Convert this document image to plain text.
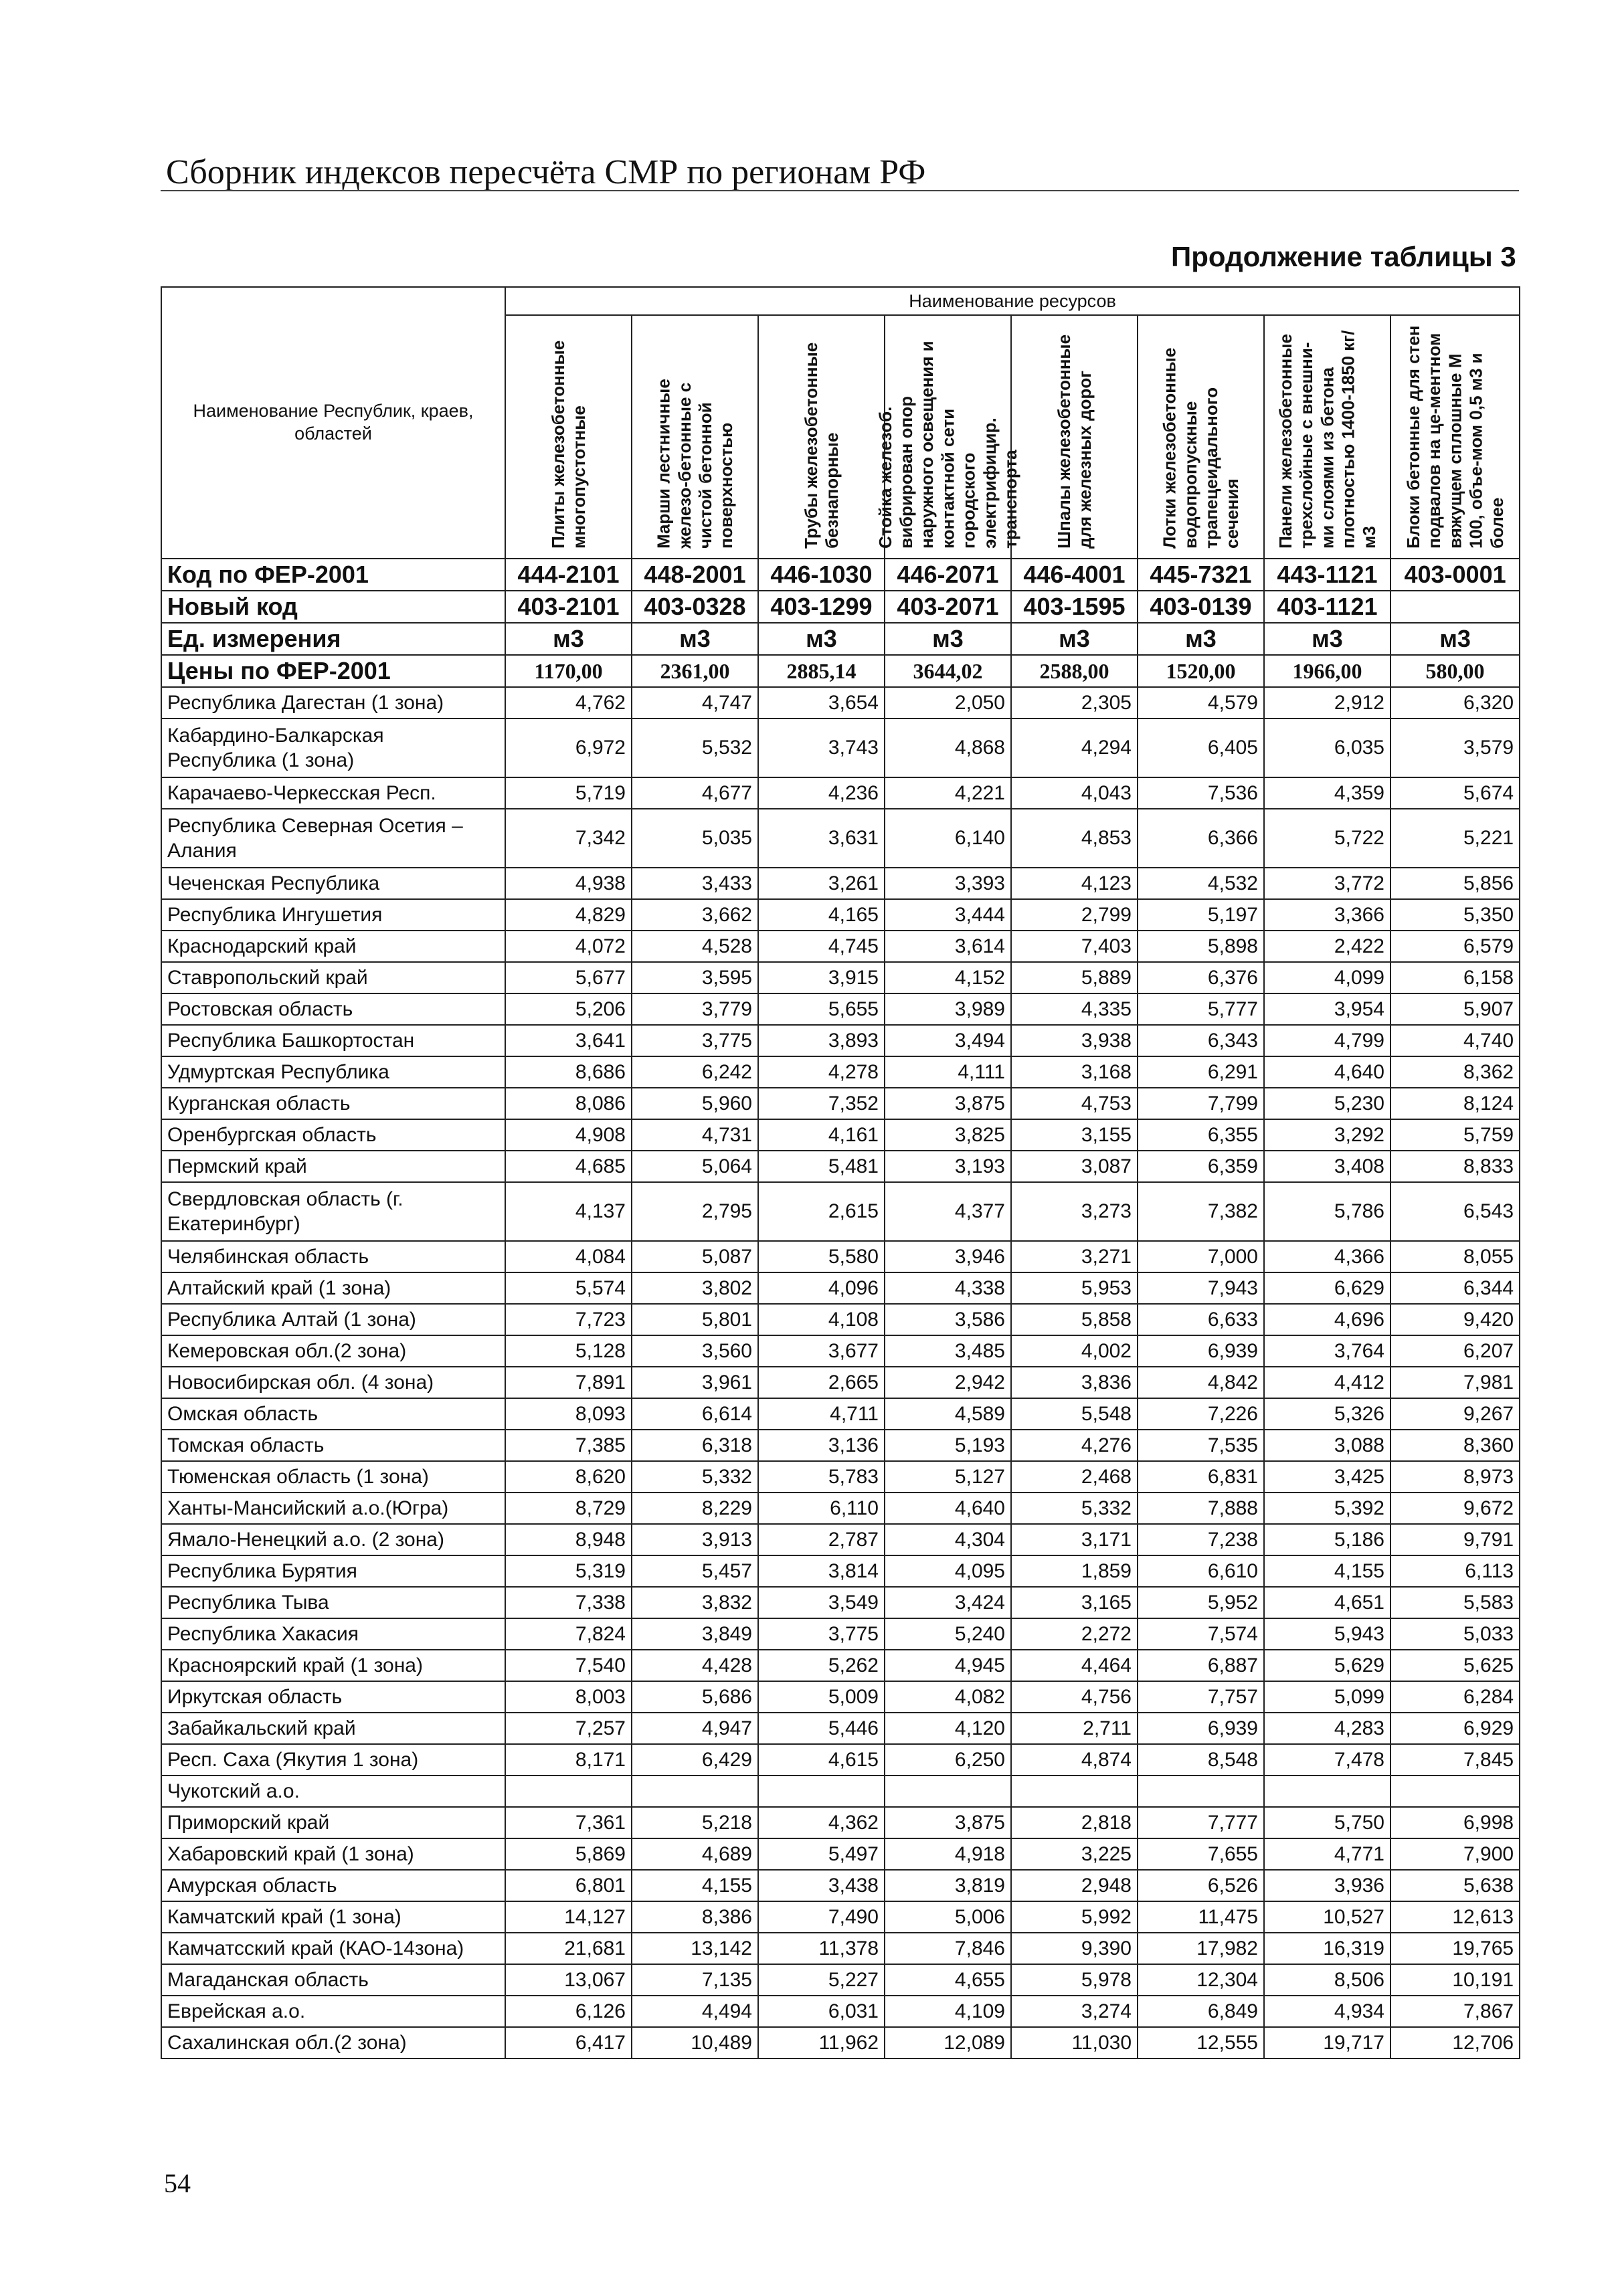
Сборник индексов пересчёта СМР по регионам РФ
Продолжение таблицы 3
Наименование Республик, краев, областей	Наименование ресурсов							

	Плиты железобетонные многопустотные	Марши лестничные железо-бетонные с чистой бетонной поверхностью	Трубы железобетонные безнапорные	Стойка железоб. вибрирован опор наружного освещения и контактной сети городского электрифицир. транспорта	Шпалы железобетонные для железных дорог	Лотки железобетонные водопропускные трапецеидального сечения	Панели железобетонные трехслойные с внешни-ми слоями из бетона плотностью 1400-1850 кг/м3	Блоки бетонные для стен подвалов на це-ментном вяжущем сплошные М 100, объе-мом 0,5 м3 и более

Код по ФЕР-2001	444-2101	448-2001	446-1030	446-2071	446-4001	445-7321	443-1121	403-0001
Новый код	403-2101	403-0328	403-1299	403-2071	403-1595	403-0139	403-1121	
Ед. измерения	м3	м3	м3	м3	м3	м3	м3	м3
Цены по ФЕР-2001	1170,00	2361,00	2885,14	3644,02	2588,00	1520,00	1966,00	580,00
Республика Дагестан (1 зона)	4,762	4,747	3,654	2,050	2,305	4,579	2,912	6,320
Кабардино-Балкарская Республика (1 зона)	6,972	5,532	3,743	4,868	4,294	6,405	6,035	3,579
Карачаево-Черкесская Респ.	5,719	4,677	4,236	4,221	4,043	7,536	4,359	5,674
Республика Северная Осетия – Алания	7,342	5,035	3,631	6,140	4,853	6,366	5,722	5,221
Чеченская Республика	4,938	3,433	3,261	3,393	4,123	4,532	3,772	5,856
Республика Ингушетия	4,829	3,662	4,165	3,444	2,799	5,197	3,366	5,350
Краснодарский край	4,072	4,528	4,745	3,614	7,403	5,898	2,422	6,579
Ставропольский край	5,677	3,595	3,915	4,152	5,889	6,376	4,099	6,158
Ростовская область	5,206	3,779	5,655	3,989	4,335	5,777	3,954	5,907
Республика Башкортостан	3,641	3,775	3,893	3,494	3,938	6,343	4,799	4,740
Удмуртская Республика	8,686	6,242	4,278	4,111	3,168	6,291	4,640	8,362
Курганская область	8,086	5,960	7,352	3,875	4,753	7,799	5,230	8,124
Оренбургская область	4,908	4,731	4,161	3,825	3,155	6,355	3,292	5,759
Пермский край	4,685	5,064	5,481	3,193	3,087	6,359	3,408	8,833
Свердловская область (г. Екатеринбург)	4,137	2,795	2,615	4,377	3,273	7,382	5,786	6,543
Челябинская область	4,084	5,087	5,580	3,946	3,271	7,000	4,366	8,055
Алтайский край (1 зона)	5,574	3,802	4,096	4,338	5,953	7,943	6,629	6,344
Республика Алтай (1 зона)	7,723	5,801	4,108	3,586	5,858	6,633	4,696	9,420
Кемеровская обл.(2 зона)	5,128	3,560	3,677	3,485	4,002	6,939	3,764	6,207
Новосибирская обл. (4 зона)	7,891	3,961	2,665	2,942	3,836	4,842	4,412	7,981
Омская область	8,093	6,614	4,711	4,589	5,548	7,226	5,326	9,267
Томская область	7,385	6,318	3,136	5,193	4,276	7,535	3,088	8,360
Тюменская область (1 зона)	8,620	5,332	5,783	5,127	2,468	6,831	3,425	8,973
Ханты-Мансийский а.о.(Югра)	8,729	8,229	6,110	4,640	5,332	7,888	5,392	9,672
Ямало-Ненецкий а.о. (2 зона)	8,948	3,913	2,787	4,304	3,171	7,238	5,186	9,791
Республика Бурятия	5,319	5,457	3,814	4,095	1,859	6,610	4,155	6,113
Республика Тыва	7,338	3,832	3,549	3,424	3,165	5,952	4,651	5,583
Республика Хакасия	7,824	3,849	3,775	5,240	2,272	7,574	5,943	5,033
Красноярский край (1 зона)	7,540	4,428	5,262	4,945	4,464	6,887	5,629	5,625
Иркутская область	8,003	5,686	5,009	4,082	4,756	7,757	5,099	6,284
Забайкальский край	7,257	4,947	5,446	4,120	2,711	6,939	4,283	6,929
Респ. Саха (Якутия 1 зона)	8,171	6,429	4,615	6,250	4,874	8,548	7,478	7,845
Чукотский а.о.								
Приморский край	7,361	5,218	4,362	3,875	2,818	7,777	5,750	6,998
Хабаровский край (1 зона)	5,869	4,689	5,497	4,918	3,225	7,655	4,771	7,900
Амурская область	6,801	4,155	3,438	3,819	2,948	6,526	3,936	5,638
Камчатский край (1 зона)	14,127	8,386	7,490	5,006	5,992	11,475	10,527	12,613
Камчатсский край (КАО-14зона)	21,681	13,142	11,378	7,846	9,390	17,982	16,319	19,765
Магаданская область	13,067	7,135	5,227	4,655	5,978	12,304	8,506	10,191
Еврейская а.о.	6,126	4,494	6,031	4,109	3,274	6,849	4,934	7,867
Сахалинская обл.(2 зона)	6,417	10,489	11,962	12,089	11,030	12,555	19,717	12,706
54
